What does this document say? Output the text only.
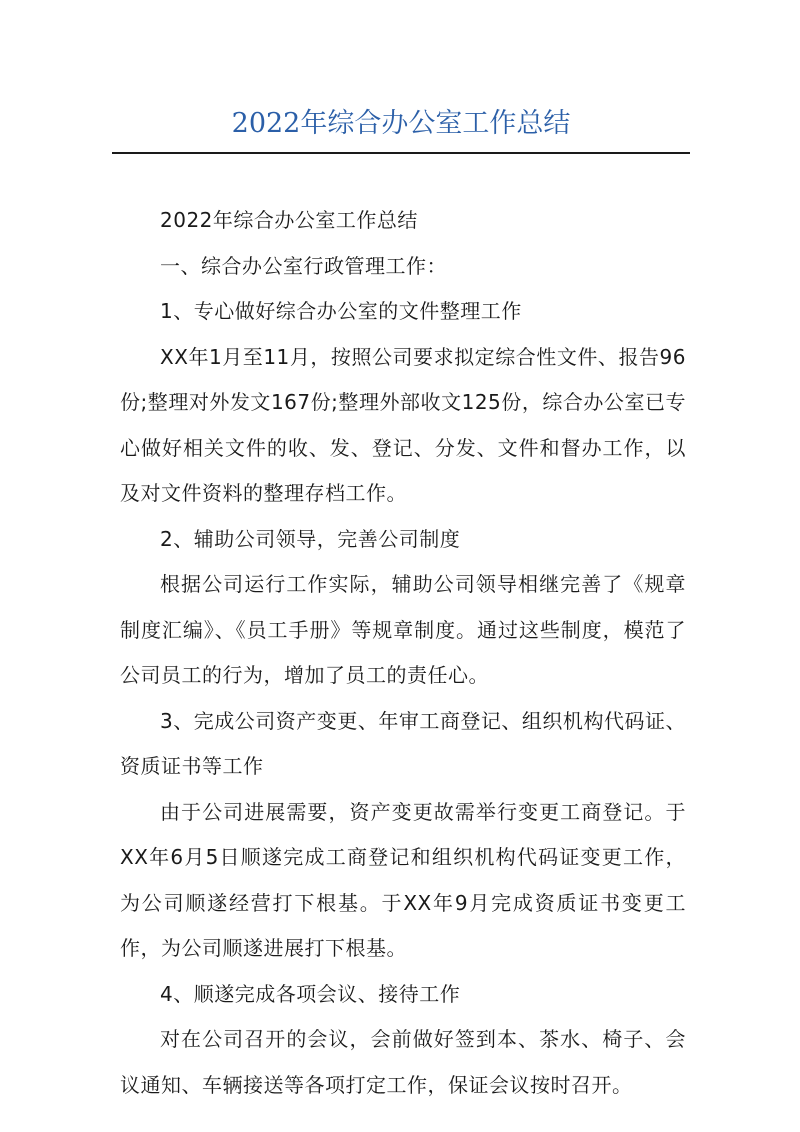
2022年综合办公室工作总结

2022年综合办公室工作总结

一、综合办公室行政管理工作：

1、专心做好综合办公室的文件整理工作

XX年1月至11月，按照公司要求拟定综合性文件、报告96份;整理对外发文167份;整理外部收文125份，综合办公室已专心做好相关文件的收、发、登记、分发、文件和督办工作，以及对文件资料的整理存档工作。

2、辅助公司领导，完善公司制度

根据公司运行工作实际，辅助公司领导相继完善了《规章制度汇编》、《员工手册》等规章制度。通过这些制度，模范了公司员工的行为，增加了员工的责任心。

3、完成公司资产变更、年审工商登记、组织机构代码证、资质证书等工作

由于公司进展需要，资产变更故需举行变更工商登记。于XX年6月5日顺遂完成工商登记和组织机构代码证变更工作，为公司顺遂经营打下根基。于XX年9月完成资质证书变更工作，为公司顺遂进展打下根基。

4、顺遂完成各项会议、接待工作

对在公司召开的会议，会前做好签到本、茶水、椅子、会议通知、车辆接送等各项打定工作，保证会议按时召开。
